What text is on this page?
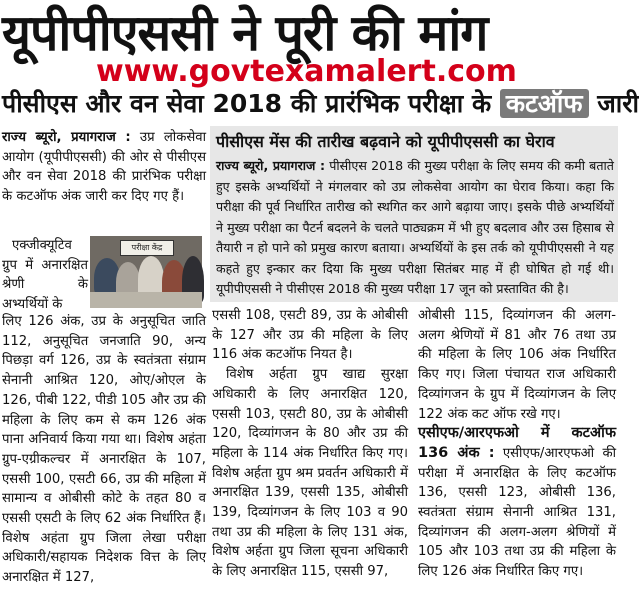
यूपीपीएससी ने पूरी की मांग
www.govtexamalert.com
पीसीएस और वन सेवा 2018 की प्रारंभिक परीक्षा के कटऑफ जारी

राज्य ब्यूरो, प्रयागराज : उप्र लोकसेवा आयोग (यूपीपीएससी) की ओर से पीसीएस और वन सेवा 2018 की प्रारंभिक परीक्षा के कटऑफ अंक जारी कर दिए गए हैं।

एक्जीक्यूटिव ग्रुप में अनारक्षित श्रेणी के अभ्यर्थियों के

परीक्षा केंद्र

लिए 126 अंक, उप्र के अनुसूचित जाति 112, अनुसूचित जनजाति 90, अन्य पिछड़ा वर्ग 126, उप्र के स्वतंत्रता संग्राम सेनानी आश्रित 120, ओए/ओएल के 126, पीबी 122, पीडी 105 और उप्र की महिला के लिए कम से कम 126 अंक पाना अनिवार्य किया गया था। विशेष अहंता ग्रुप-एग्रीकल्चर में अनारक्षित के 107, एससी 100, एसटी 66, उप्र की महिला में सामान्य व ओबीसी कोटे के तहत 80 व एससी एसटी के लिए 62 अंक निर्धारित हैं। विशेष अहंता ग्रुप जिला लेखा परीक्षा अधिकारी/सहायक निदेशक वित्त के लिए अनारक्षित में 127,

पीसीएस मेंस की तारीख बढ़वाने को यूपीपीएससी का घेराव
राज्य ब्यूरो, प्रयागराज : पीसीएस 2018 की मुख्य परीक्षा के लिए समय की कमी बताते हुए इसके अभ्यर्थियों ने मंगलवार को उप्र लोकसेवा आयोग का घेराव किया। कहा कि परीक्षा की पूर्व निर्धारित तारीख को स्थगित कर आगे बढ़ाया जाए। इसके पीछे अभ्यर्थियों ने मुख्य परीक्षा का पैटर्न बदलने के चलते पाठ्यक्रम में भी हुए बदलाव और उस हिसाब से तैयारी न हो पाने को प्रमुख कारण बताया। अभ्यर्थियों के इस तर्क को यूपीपीएससी ने यह कहते हुए इन्कार कर दिया कि मुख्य परीक्षा सितंबर माह में ही घोषित हो गई थी। यूपीपीएससी ने पीसीएस 2018 की मुख्य परीक्षा 17 जून को प्रस्तावित की है।

एससी 108, एसटी 89, उप्र के ओबीसी के 127 और उप्र की महिला के लिए 116 अंक कटऑफ नियत है।

विशेष अर्हता ग्रुप खाद्य सुरक्षा अधिकारी के लिए अनारक्षित 120, एससी 103, एसटी 80, उप्र के ओबीसी 120, दिव्यांगजन के 80 और उप्र की महिला के 114 अंक निर्धारित किए गए। विशेष अर्हता ग्रुप श्रम प्रवर्तन अधिकारी में अनारक्षित 139, एससी 135, ओबीसी 139, दिव्यांगजन के लिए 103 व 90 तथा उप्र की महिला के लिए 131 अंक, विशेष अर्हता ग्रुप जिला सूचना अधिकारी के लिए अनारक्षित 115, एससी 97,

ओबीसी 115, दिव्यांगजन की अलग-अलग श्रेणियों में 81 और 76 तथा उप्र की महिला के लिए 106 अंक निर्धारित किए गए। जिला पंचायत राज अधिकारी दिव्यांगजन के ग्रुप में दिव्यांगजन के लिए 122 अंक कट ऑफ रखे गए।

एसीएफ/आरएफओ में कटऑफ 136 अंक : एसीएफ/आरएफओ की परीक्षा में अनारक्षित के लिए कटऑफ 136, एससी 123, ओबीसी 136, स्वतंत्रता संग्राम सेनानी आश्रित 131, दिव्यांगजन की अलग-अलग श्रेणियों में 105 और 103 तथा उप्र की महिला के लिए 126 अंक निर्धारित किए गए।
